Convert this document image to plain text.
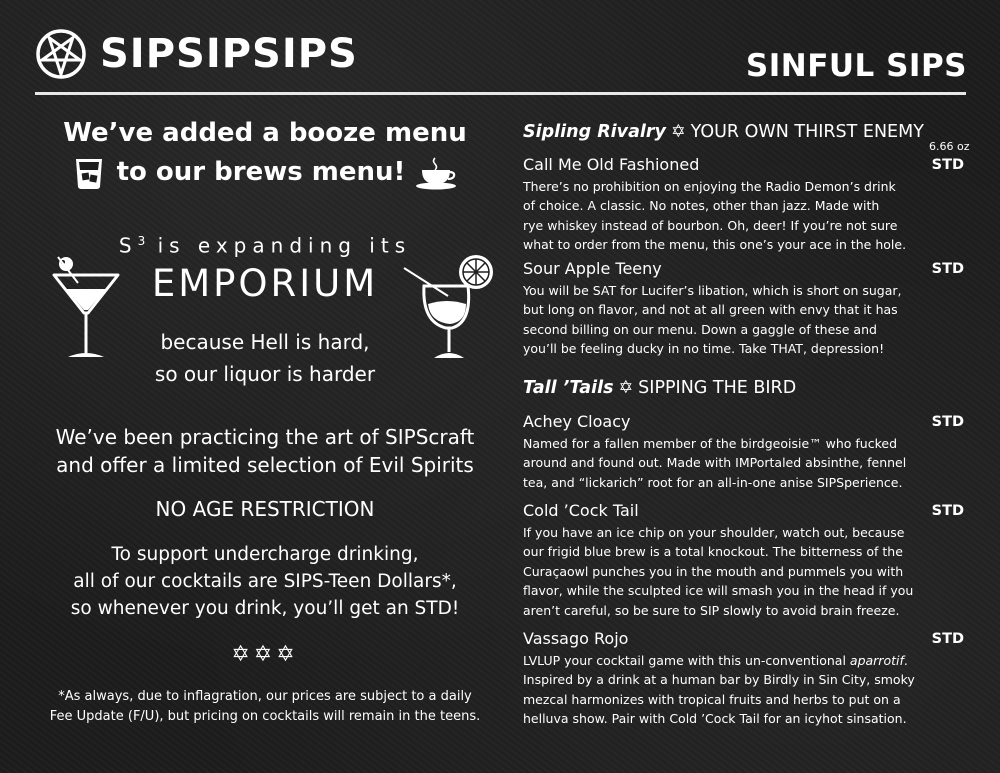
SIPSIPSIPS	SINFUL SIPS
We’ve added a booze menu
to our brews menu!
$S^3$ is expanding its
EMPORIUM
because Hell is hard,
so our liquor is harder
We’ve been practicing the art of SIPScraft
and offer a limited selection of Evil Spirits
NO AGE RESTRICTION
To support undercharge drinking,
all of our cocktails are SIPS-Teen Dollars*,
so whenever you drink, you’ll get an STD!
✡✡✡
*As always, due to inflagration, our prices are subject to a daily
Fee Update (F/U), but pricing on cocktails will remain in the teens.
Sipling Rivalry ✡ YOUR OWN THIRST ENEMY
6.66 oz
Call Me Old Fashioned	STD
There’s no prohibition on enjoying the Radio Demon’s drink
of choice. A classic. No notes, other than jazz. Made with
rye whiskey instead of bourbon. Oh, deer! If you’re not sure
what to order from the menu, this one’s your ace in the hole.
Sour Apple Teeny	STD
You will be SAT for Lucifer’s libation, which is short on sugar,
but long on flavor, and not at all green with envy that it has
second billing on our menu. Down a gaggle of these and
you’ll be feeling ducky in no time. Take THAT, depression!
Tall ’Tails ✡ SIPPING THE BIRD
Achey Cloacy	STD
Named for a fallen member of the birdgeoisie™ who fucked
around and found out. Made with IMPortaled absinthe, fennel
tea, and “lickarich” root for an all-in-one anise SIPSperience.
Cold ’Cock Tail	STD
If you have an ice chip on your shoulder, watch out, because
our frigid blue brew is a total knockout. The bitterness of the
Curaçaowl punches you in the mouth and pummels you with
flavor, while the sculpted ice will smash you in the head if you
aren’t careful, so be sure to SIP slowly to avoid brain freeze.
Vassago Rojo	STD
LVLUP your cocktail game with this un-conventional aparrotif.
Inspired by a drink at a human bar by Birdly in Sin City, smoky
mezcal harmonizes with tropical fruits and herbs to put on a
helluva show. Pair with Cold ’Cock Tail for an icyhot sinsation.
